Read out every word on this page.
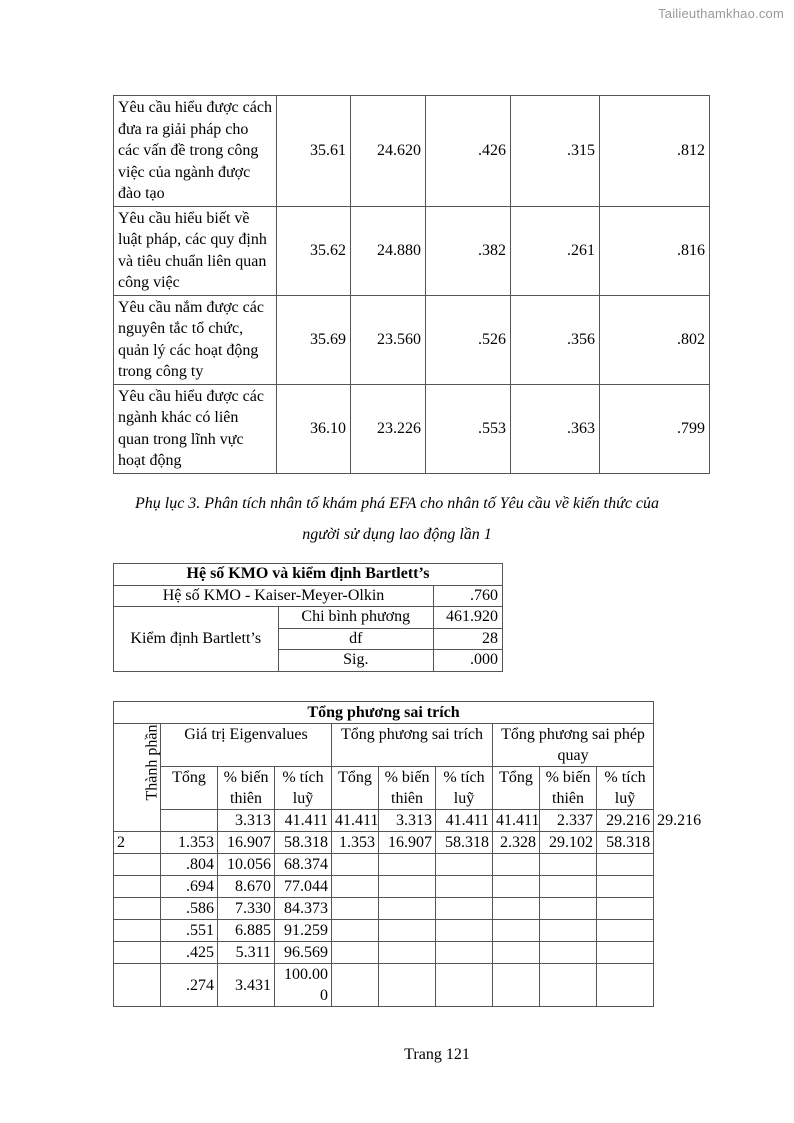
Tailieuthamkhao.com
Yêu cầu hiểu được cách đưa ra giải pháp cho các vấn đề trong công việc của ngành được đào tạo	35.61	24.620	.426	.315	.812
Yêu cầu hiểu biết về luật pháp, các quy định và tiêu chuẩn liên quan công việc	35.62	24.880	.382	.261	.816
Yêu cầu nắm được các nguyên tắc tổ chức, quản lý các hoạt động trong công ty	35.69	23.560	.526	.356	.802
Yêu cầu hiểu được các ngành khác có liên quan trong lĩnh vực hoạt động	36.10	23.226	.553	.363	.799
Phụ lục 3. Phân tích nhân tố khám phá EFA cho nhân tố Yêu cầu về kiến thức của
người sử dụng lao động lần 1
Hệ số KMO và kiểm định Bartlett’s		
Hệ số KMO - Kaiser-Meyer-Olkin		.760
Kiểm định Bartlett’s	Chi bình phương	461.920
	df	28
	Sig.	.000
Tổng phương sai trích										
Thành phần	Giá trị Eigenvalues			Tổng phương sai trích			Tổng phương sai phép quay			
	Tổng	% biến thiên	% tích luỹ	Tổng	% biến thiên	% tích luỹ	Tổng	% biến thiên	% tích luỹ	
		3.313	41.411	41.411	3.313	41.411	41.411	2.337	29.216	29.216
2	1.353	16.907	58.318	1.353	16.907	58.318	2.328	29.102	58.318	
	.804	10.056	68.374							
	.694	8.670	77.044							
	.586	7.330	84.373							
	.551	6.885	91.259							
	.425	5.311	96.569							
	.274	3.431	100.000							
Trang 121
